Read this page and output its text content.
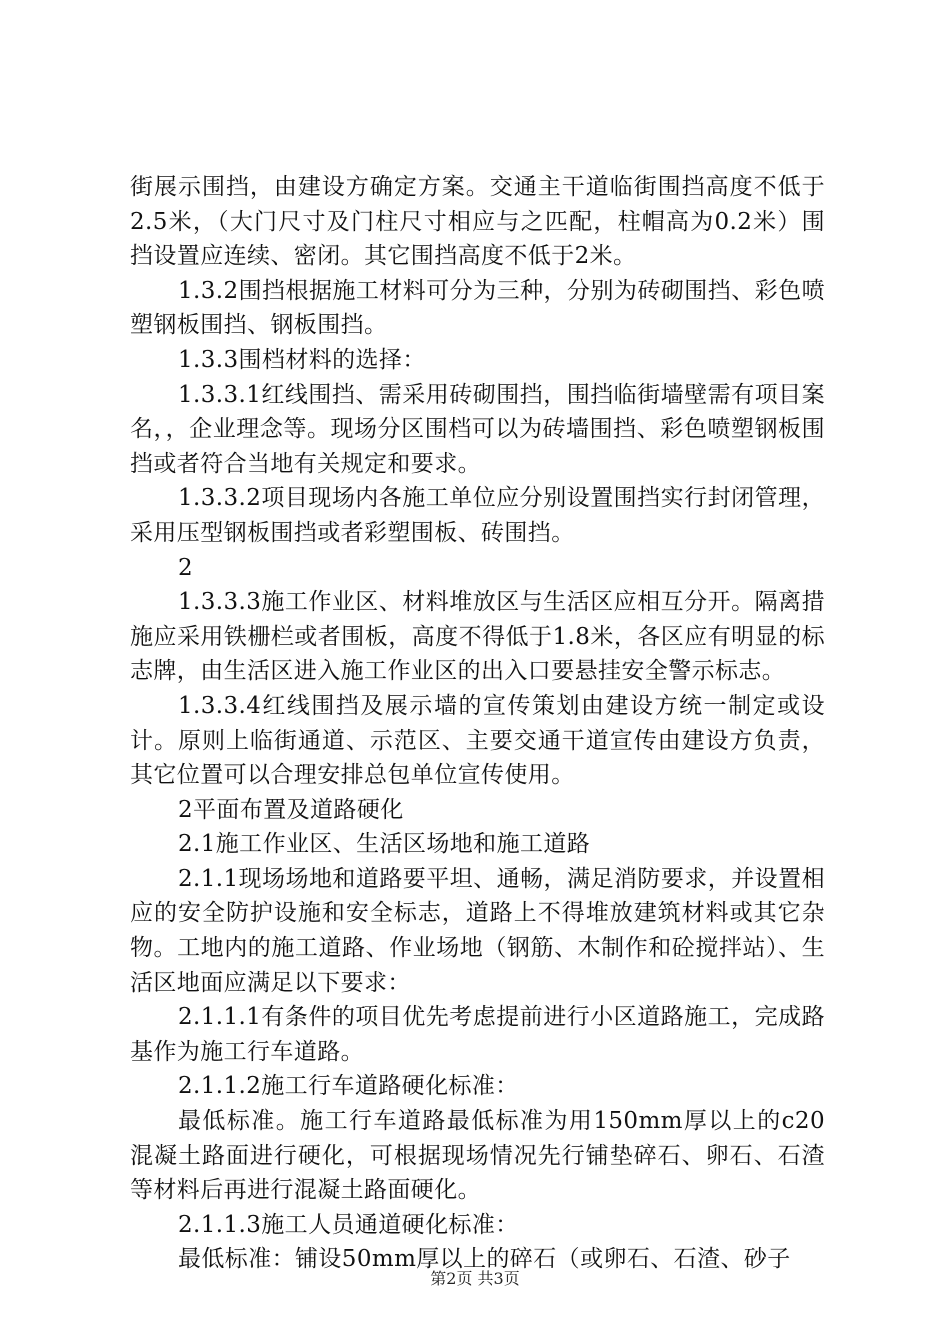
街展示围挡，由建设方确定方案。交通主干道临街围挡高度不低于2.5米，（大门尺寸及门柱尺寸相应与之匹配，柱帽高为0.2米）围挡设置应连续、密闭。其它围挡高度不低于2米。

1.3.2围挡根据施工材料可分为三种，分别为砖砌围挡、彩色喷塑钢板围挡、钢板围挡。

1.3.3围档材料的选择：

1.3.3.1红线围挡、需采用砖砌围挡，围挡临街墙壁需有项目案名，，企业理念等。现场分区围档可以为砖墙围挡、彩色喷塑钢板围挡或者符合当地有关规定和要求。

1.3.3.2项目现场内各施工单位应分别设置围挡实行封闭管理，采用压型钢板围挡或者彩塑围板、砖围挡。

2

1.3.3.3施工作业区、材料堆放区与生活区应相互分开。隔离措施应采用铁栅栏或者围板，高度不得低于1.8米，各区应有明显的标志牌，由生活区进入施工作业区的出入口要悬挂安全警示标志。

1.3.3.4红线围挡及展示墙的宣传策划由建设方统一制定或设计。原则上临街通道、示范区、主要交通干道宣传由建设方负责，其它位置可以合理安排总包单位宣传使用。

2平面布置及道路硬化

2.1施工作业区、生活区场地和施工道路

2.1.1现场场地和道路要平坦、通畅，满足消防要求，并设置相应的安全防护设施和安全标志，道路上不得堆放建筑材料或其它杂物。工地内的施工道路、作业场地（钢筋、木制作和砼搅拌站）、生活区地面应满足以下要求：

2.1.1.1有条件的项目优先考虑提前进行小区道路施工，完成路基作为施工行车道路。

2.1.1.2施工行车道路硬化标准：

最低标准。施工行车道路最低标准为用150mm厚以上的c20混凝土路面进行硬化，可根据现场情况先行铺垫碎石、卵石、石渣等材料后再进行混凝土路面硬化。

2.1.1.3施工人员通道硬化标准：

最低标准：铺设50mm厚以上的碎石（或卵石、石渣、砂子

第2页 共3页
